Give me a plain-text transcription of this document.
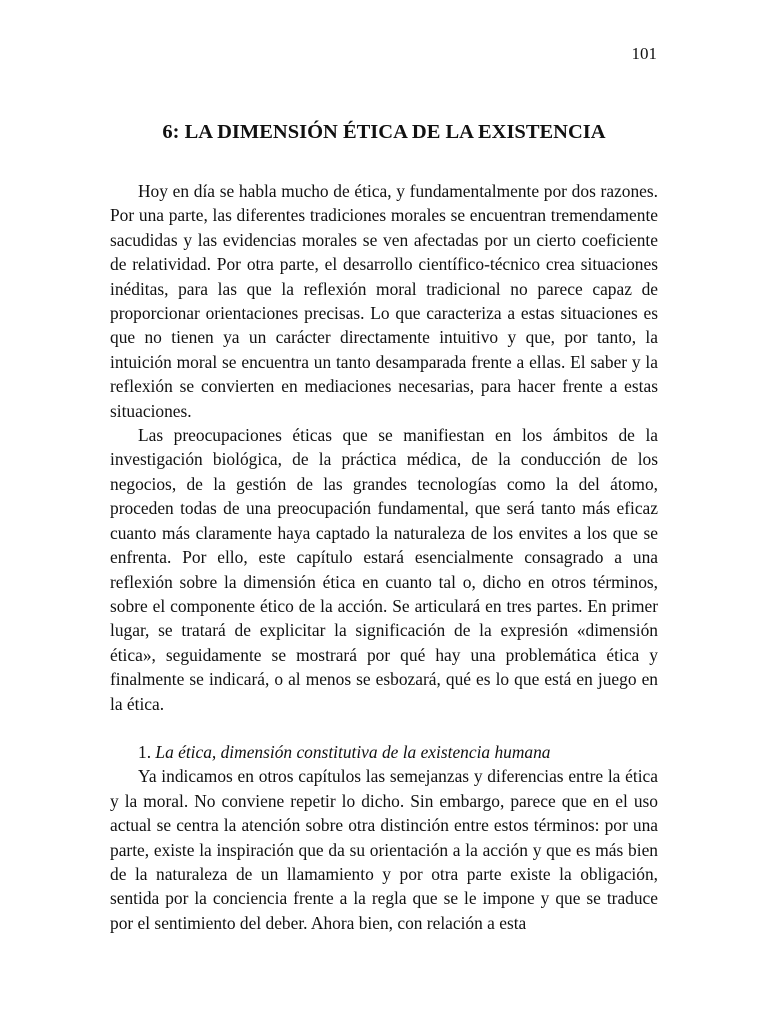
101
6: LA DIMENSIÓN ÉTICA DE LA EXISTENCIA

Hoy en día se habla mucho de ética, y fundamentalmente por dos razones. Por una parte, las diferentes tradiciones morales se encuentran tremendamente sacudidas y las evidencias morales se ven afectadas por un cierto coeficiente de relatividad. Por otra parte, el desarrollo científico-técnico crea situaciones inéditas, para las que la reflexión moral tradicional no parece capaz de proporcionar orientaciones precisas. Lo que caracteriza a estas situaciones es que no tienen ya un carácter directamente intuitivo y que, por tanto, la intuición moral se encuentra un tanto desamparada frente a ellas. El saber y la reflexión se convierten en mediaciones necesarias, para hacer frente a estas situaciones.

Las preocupaciones éticas que se manifiestan en los ámbitos de la investigación biológica, de la práctica médica, de la conducción de los negocios, de la gestión de las grandes tecnologías como la del átomo, proceden todas de una preocupación fundamental, que será tanto más eficaz cuanto más claramente haya captado la naturaleza de los envites a los que se enfrenta. Por ello, este capítulo estará esencialmente consagrado a una reflexión sobre la dimensión ética en cuanto tal o, dicho en otros términos, sobre el componente ético de la acción. Se articulará en tres partes. En primer lugar, se tratará de explicitar la significación de la expresión «dimensión ética», seguidamente se mostrará por qué hay una problemática ética y finalmente se indicará, o al menos se esbozará, qué es lo que está en juego en la ética.

1. La ética, dimensión constitutiva de la existencia humana

Ya indicamos en otros capítulos las semejanzas y diferencias entre la ética y la moral. No conviene repetir lo dicho. Sin embargo, parece que en el uso actual se centra la atención sobre otra distinción entre estos términos: por una parte, existe la inspiración que da su orientación a la acción y que es más bien de la naturaleza de un llamamiento y por otra parte existe la obligación, sentida por la conciencia frente a la regla que se le impone y que se traduce por el sentimiento del deber. Ahora bien, con relación a esta
